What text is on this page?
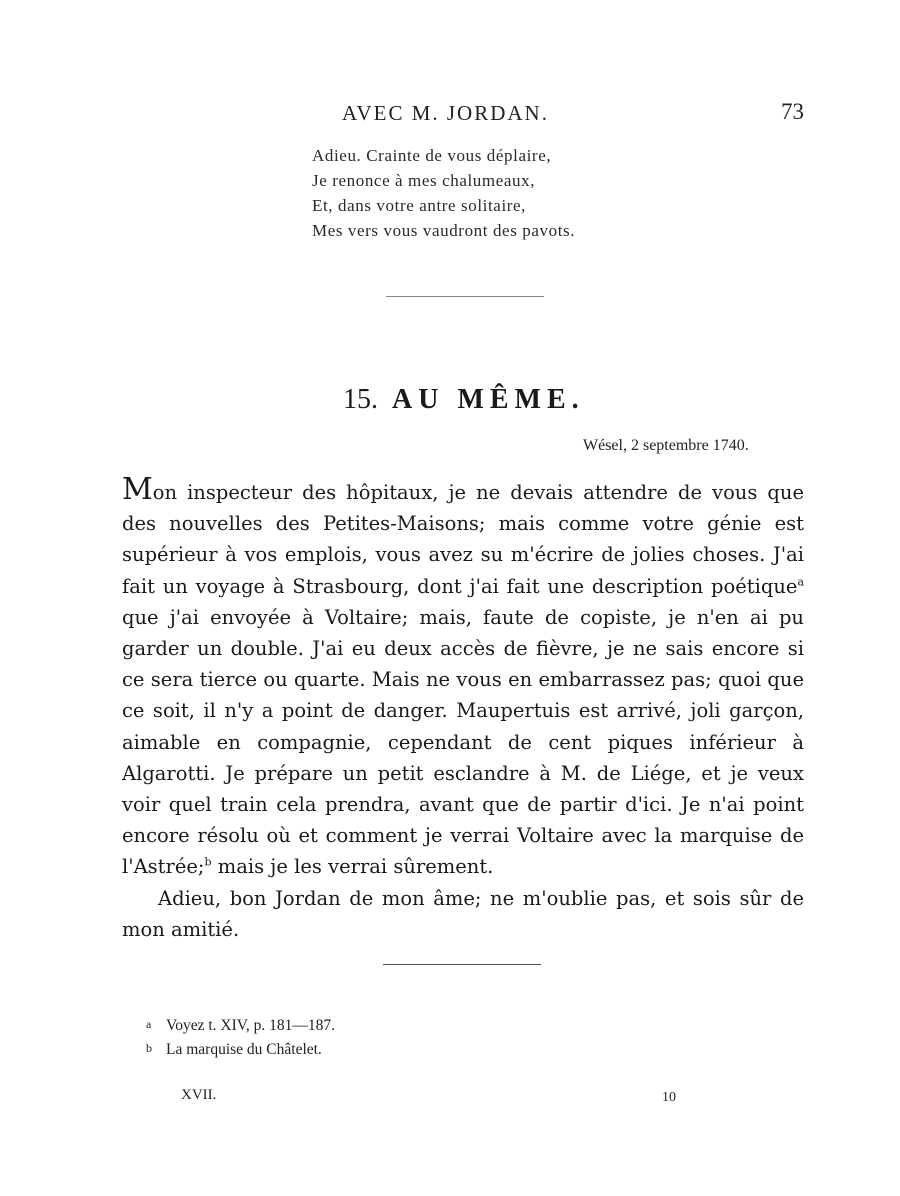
AVEC M. JORDAN.	73
Adieu. Crainte de vous déplaire,
Je renonce à mes chalumeaux,
Et, dans votre antre solitaire,
Mes vers vous vaudront des pavots.
15. AU MÊME.
Wésel, 2 septembre 1740.

Mon inspecteur des hôpitaux, je ne devais attendre de vous que des nouvelles des Petites-Maisons; mais comme votre génie est supérieur à vos emplois, vous avez su m'écrire de jolies choses. J'ai fait un voyage à Strasbourg, dont j'ai fait une description poétique$^a$ que j'ai envoyée à Voltaire; mais, faute de copiste, je n'en ai pu garder un double. J'ai eu deux accès de fièvre, je ne sais encore si ce sera tierce ou quarte. Mais ne vous en embarrassez pas; quoi que ce soit, il n'y a point de danger. Maupertuis est arrivé, joli garçon, aimable en compagnie, cependant de cent piques inférieur à Algarotti. Je prépare un petit esclandre à M. de Liége, et je veux voir quel train cela prendra, avant que de partir d'ici. Je n'ai point encore résolu où et comment je verrai Voltaire avec la marquise de l'Astrée;$^b$ mais je les verrai sûrement.

Adieu, bon Jordan de mon âme; ne m'oublie pas, et sois sûr de mon amitié.

a Voyez t. XIV, p. 181—187.
b La marquise du Châtelet.
XVII.	10
